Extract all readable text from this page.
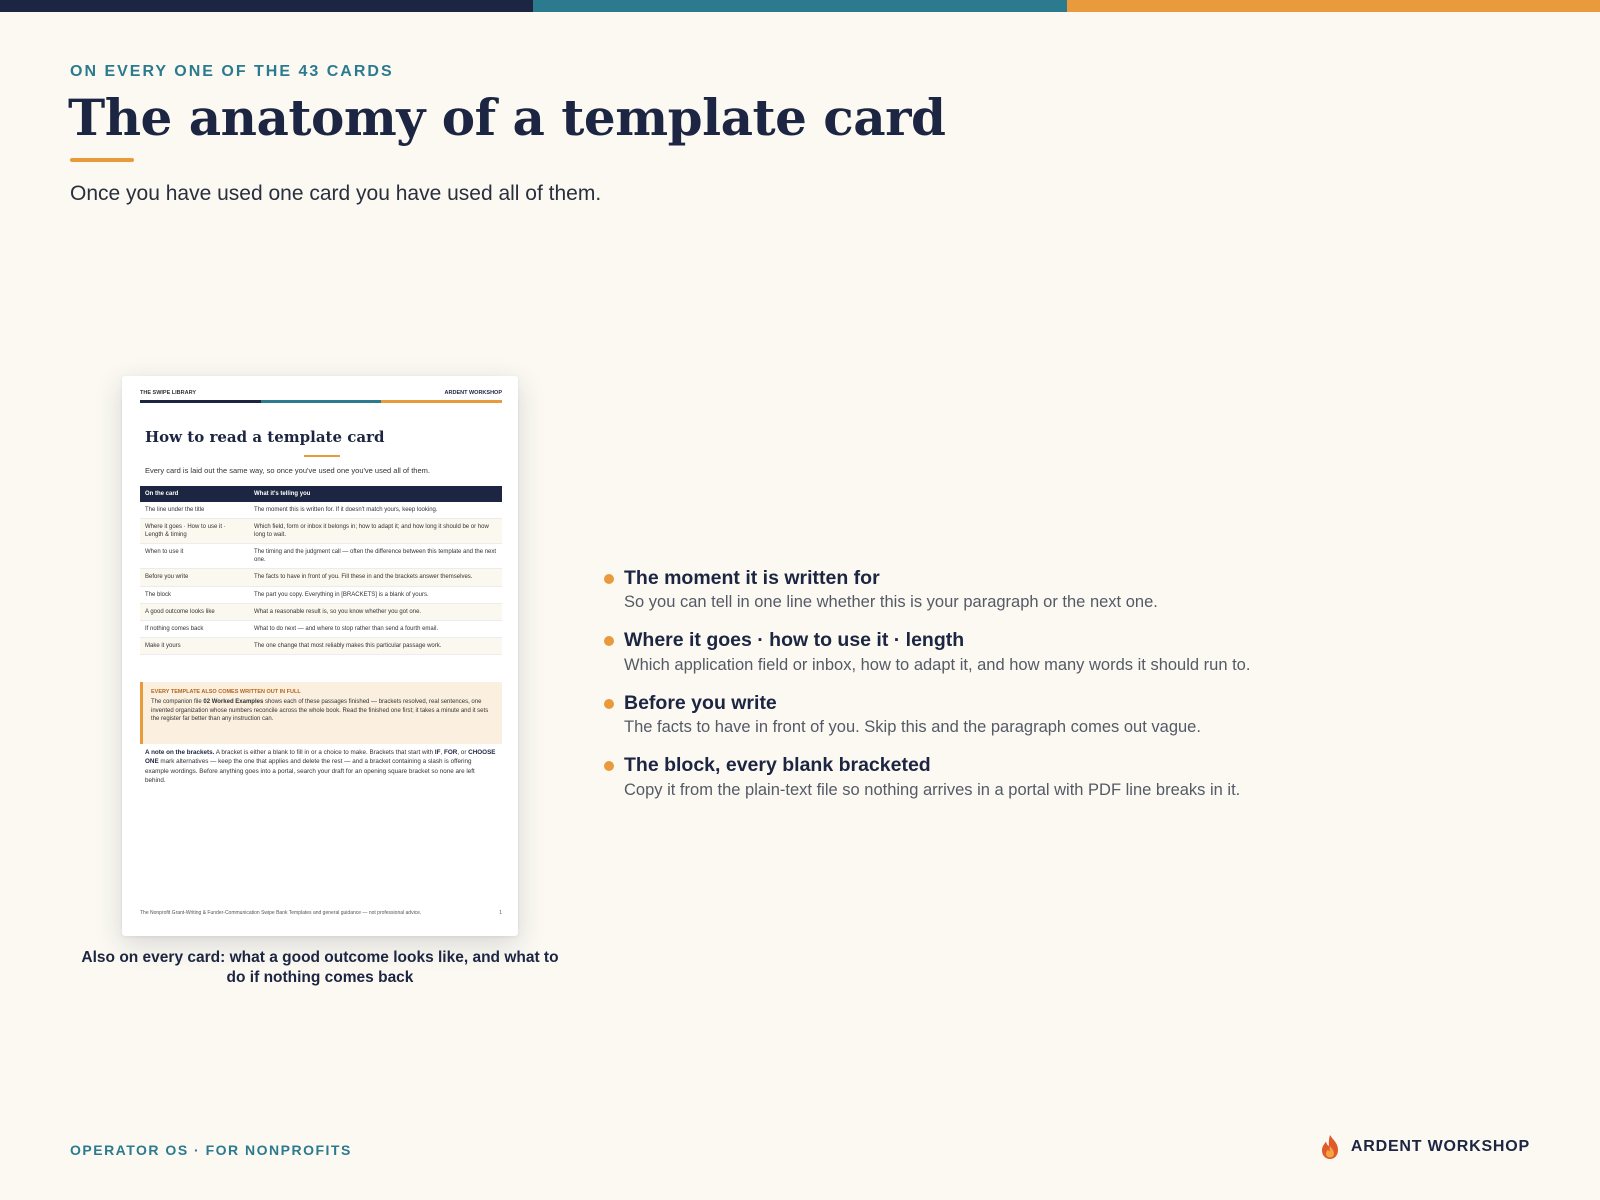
ON EVERY ONE OF THE 43 CARDS
The anatomy of a template card
Once you have used one card you have used all of them.
THE SWIPE LIBRARY	ARDENT WORKSHOP
How to read a template card
Every card is laid out the same way, so once you've used one you've used all of them.
On the card	What it's telling you
The line under the title	The moment this is written for. If it doesn't match yours, keep looking.
Where it goes · How to use it · Length & timing	Which field, form or inbox it belongs in; how to adapt it; and how long it should be or how long to wait.
When to use it	The timing and the judgment call — often the difference between this template and the next one.
Before you write	The facts to have in front of you. Fill these in and the brackets answer themselves.
The block	The part you copy. Everything in [BRACKETS] is a blank of yours.
A good outcome looks like	What a reasonable result is, so you know whether you got one.
If nothing comes back	What to do next — and where to stop rather than send a fourth email.
Make it yours	The one change that most reliably makes this particular passage work.
EVERY TEMPLATE ALSO COMES WRITTEN OUT IN FULL
The companion file 02 Worked Examples shows each of these passages finished — brackets resolved, real sentences, one invented organization whose numbers reconcile across the whole book. Read the finished one first; it takes a minute and it sets the register far better than any instruction can.
A note on the brackets. A bracket is either a blank to fill in or a choice to make. Brackets that start with IF, FOR, or CHOOSE ONE mark alternatives — keep the one that applies and delete the rest — and a bracket containing a slash is offering example wordings. Before anything goes into a portal, search your draft for an opening square bracket so none are left behind.
The Nonprofit Grant-Writing & Funder-Communication Swipe Bank Templates and general guidance — not professional advice.	1
Also on every card: what a good outcome looks like, and what to do if nothing comes back
The moment it is written for
So you can tell in one line whether this is your paragraph or the next one.
Where it goes · how to use it · length
Which application field or inbox, how to adapt it, and how many words it should run to.
Before you write
The facts to have in front of you. Skip this and the paragraph comes out vague.
The block, every blank bracketed
Copy it from the plain-text file so nothing arrives in a portal with PDF line breaks in it.
OPERATOR OS · FOR NONPROFITS	ARDENT WORKSHOP
